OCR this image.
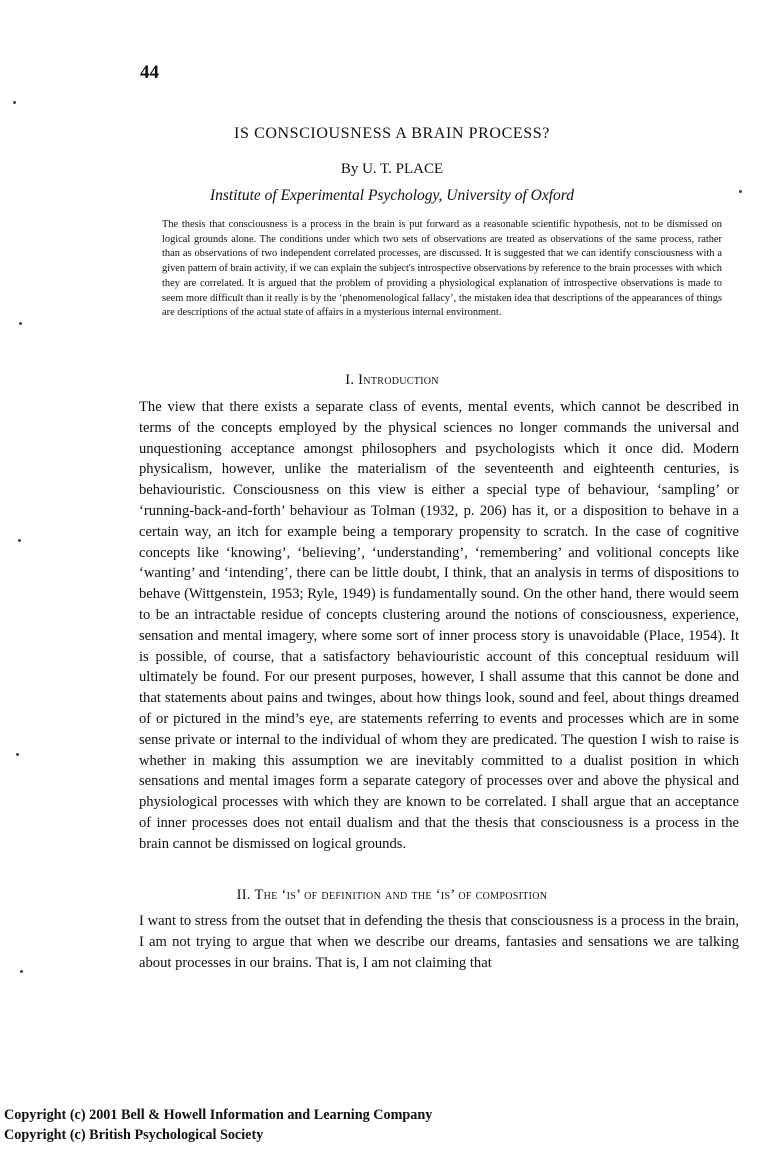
44
IS CONSCIOUSNESS A BRAIN PROCESS?
By U. T. PLACE
Institute of Experimental Psychology, University of Oxford
The thesis that consciousness is a process in the brain is put forward as a reasonable scientific hypothesis, not to be dismissed on logical grounds alone. The conditions under which two sets of observations are treated as observations of the same process, rather than as observations of two independent correlated processes, are discussed. It is suggested that we can identify consciousness with a given pattern of brain activity, if we can explain the subject's introspective observations by reference to the brain processes with which they are correlated. It is argued that the problem of providing a physiological explanation of introspective observations is made to seem more difficult than it really is by the ‘phenomenological fallacy’, the mistaken idea that descriptions of the appearances of things are descriptions of the actual state of affairs in a mysterious internal environment.
I. Introduction
The view that there exists a separate class of events, mental events, which cannot be described in terms of the concepts employed by the physical sciences no longer commands the universal and unquestioning acceptance amongst philosophers and psychologists which it once did. Modern physicalism, however, unlike the materialism of the seventeenth and eighteenth centuries, is behaviouristic. Consciousness on this view is either a special type of behaviour, ‘sampling’ or ‘running-back-and-forth’ behaviour as Tolman (1932, p. 206) has it, or a disposition to behave in a certain way, an itch for example being a temporary propensity to scratch. In the case of cognitive concepts like ‘knowing’, ‘believing’, ‘understanding’, ‘remembering’ and volitional concepts like ‘wanting’ and ‘intending’, there can be little doubt, I think, that an analysis in terms of dispositions to behave (Wittgenstein, 1953; Ryle, 1949) is fundamentally sound. On the other hand, there would seem to be an intractable residue of concepts clustering around the notions of consciousness, experience, sensation and mental imagery, where some sort of inner process story is unavoidable (Place, 1954). It is possible, of course, that a satisfactory behaviouristic account of this conceptual residuum will ultimately be found. For our present purposes, however, I shall assume that this cannot be done and that statements about pains and twinges, about how things look, sound and feel, about things dreamed of or pictured in the mind’s eye, are statements referring to events and processes which are in some sense private or internal to the individual of whom they are predicated. The question I wish to raise is whether in making this assumption we are inevitably committed to a dualist position in which sensations and mental images form a separate category of processes over and above the physical and physiological processes with which they are known to be correlated. I shall argue that an acceptance of inner processes does not entail dualism and that the thesis that consciousness is a process in the brain cannot be dismissed on logical grounds.
II. The ‘is’ of definition and the ‘is’ of composition
I want to stress from the outset that in defending the thesis that consciousness is a process in the brain, I am not trying to argue that when we describe our dreams, fantasies and sensations we are talking about processes in our brains. That is, I am not claiming that
Copyright (c) 2001 Bell & Howell Information and Learning Company
Copyright (c) British Psychological Society
